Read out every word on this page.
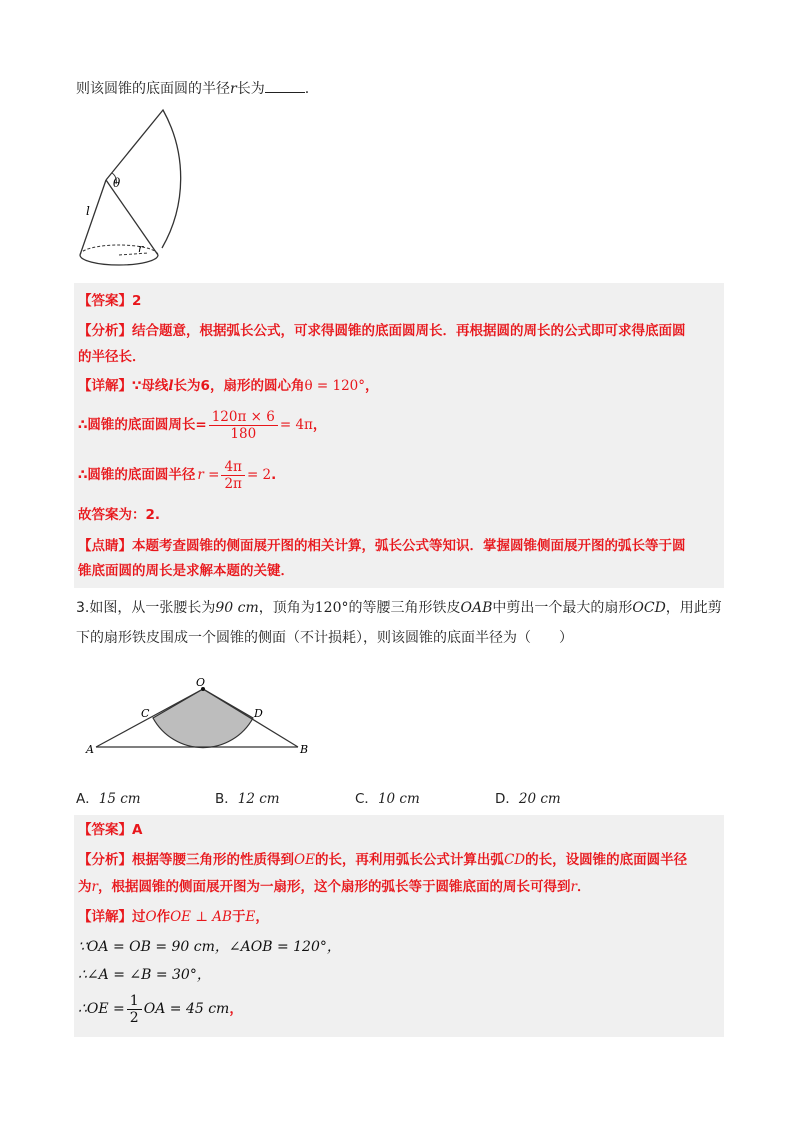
则该圆锥的底面圆的半径r长为	.
θ
l
r
【答案】2
【分析】结合题意，根据弧长公式，可求得圆锥的底面圆周长．再根据圆的周长的公式即可求得底面圆
的半径长．
【详解】∵母线l长为6，扇形的圆心角θ = 120°，
∴圆锥的底面圆周长= $\frac{120\pi \times 6}{180} = 4\pi$ ，
∴圆锥的底面圆半径 $r = \frac{4\pi}{2\pi} = 2$ .
故答案为：2.
【点睛】本题考查圆锥的侧面展开图的相关计算，弧长公式等知识．掌握圆锥侧面展开图的弧长等于圆
锥底面圆的周长是求解本题的关键．
3.如图，从一张腰长为90 cm，顶角为120°的等腰三角形铁皮OAB中剪出一个最大的扇形OCD，用此剪
下的扇形铁皮围成一个圆锥的侧面（不计损耗），则该圆锥的底面半径为（　　）
O
C	D
A	B
A．15 cm	B．12 cm	C．10 cm	D．20 cm
【答案】A
【分析】根据等腰三角形的性质得到OE的长，再利用弧长公式计算出弧CD的长，设圆锥的底面圆半径
为r，根据圆锥的侧面展开图为一扇形，这个扇形的弧长等于圆锥底面的周长可得到r．
【详解】过O作OE ⊥ AB于E，
∵OA = OB = 90 cm，∠AOB = 120°，
∴∠A = ∠B = 30°，
∴OE = $\frac{1}{2}$ OA = 45 cm ，
